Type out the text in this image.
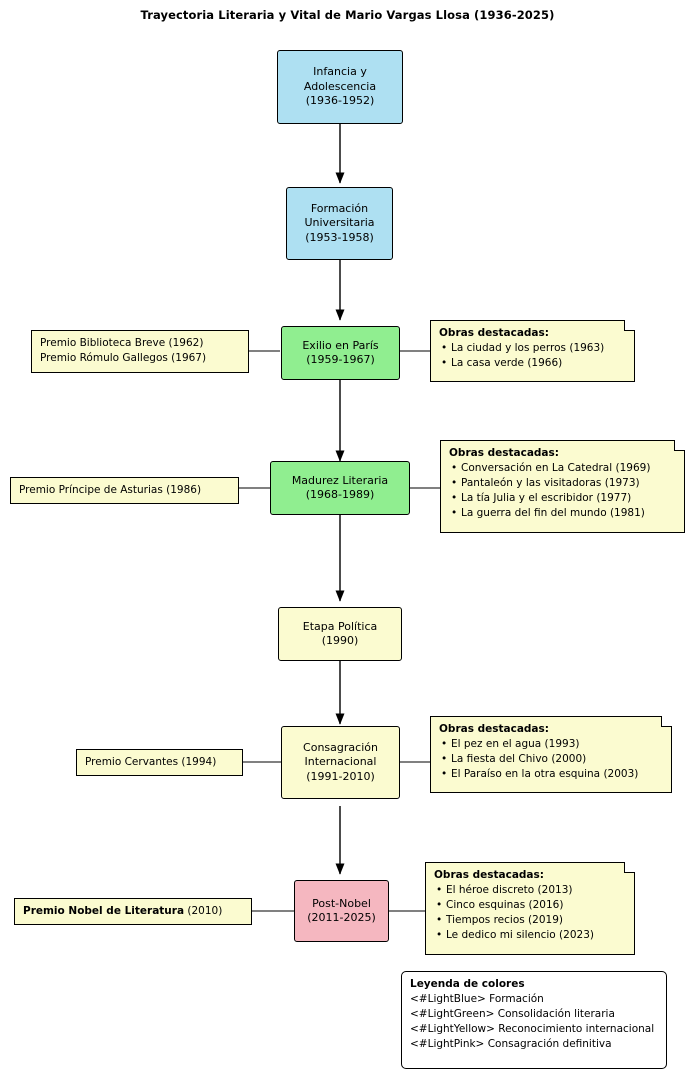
Trayectoria Literaria y Vital de Mario Vargas Llosa (1936-2025)
Infancia y
Adolescencia
(1936-1952)
Formación
Universitaria
(1953-1958)
Exilio en París
(1959-1967)
Madurez Literaria
(1968-1989)
Etapa Política
(1990)
Consagración
Internacional
(1991-2010)
Post-Nobel
(2011-2025)
Premio Biblioteca Breve (1962)
Premio Rómulo Gallegos (1967)
Obras destacadas:
• La ciudad y los perros (1963)
• La casa verde (1966)
Premio Príncipe de Asturias (1986)
Obras destacadas:
• Conversación en La Catedral (1969)
• Pantaleón y las visitadoras (1973)
• La tía Julia y el escribidor (1977)
• La guerra del fin del mundo (1981)
Premio Cervantes (1994)
Obras destacadas:
• El pez en el agua (1993)
• La fiesta del Chivo (2000)
• El Paraíso en la otra esquina (2003)
Premio Nobel de Literatura (2010)
Obras destacadas:
• El héroe discreto (2013)
• Cinco esquinas (2016)
• Tiempos recios (2019)
• Le dedico mi silencio (2023)
Leyenda de colores
<#LightBlue> Formación
<#LightGreen> Consolidación literaria
<#LightYellow> Reconocimiento internacional
<#LightPink> Consagración definitiva
